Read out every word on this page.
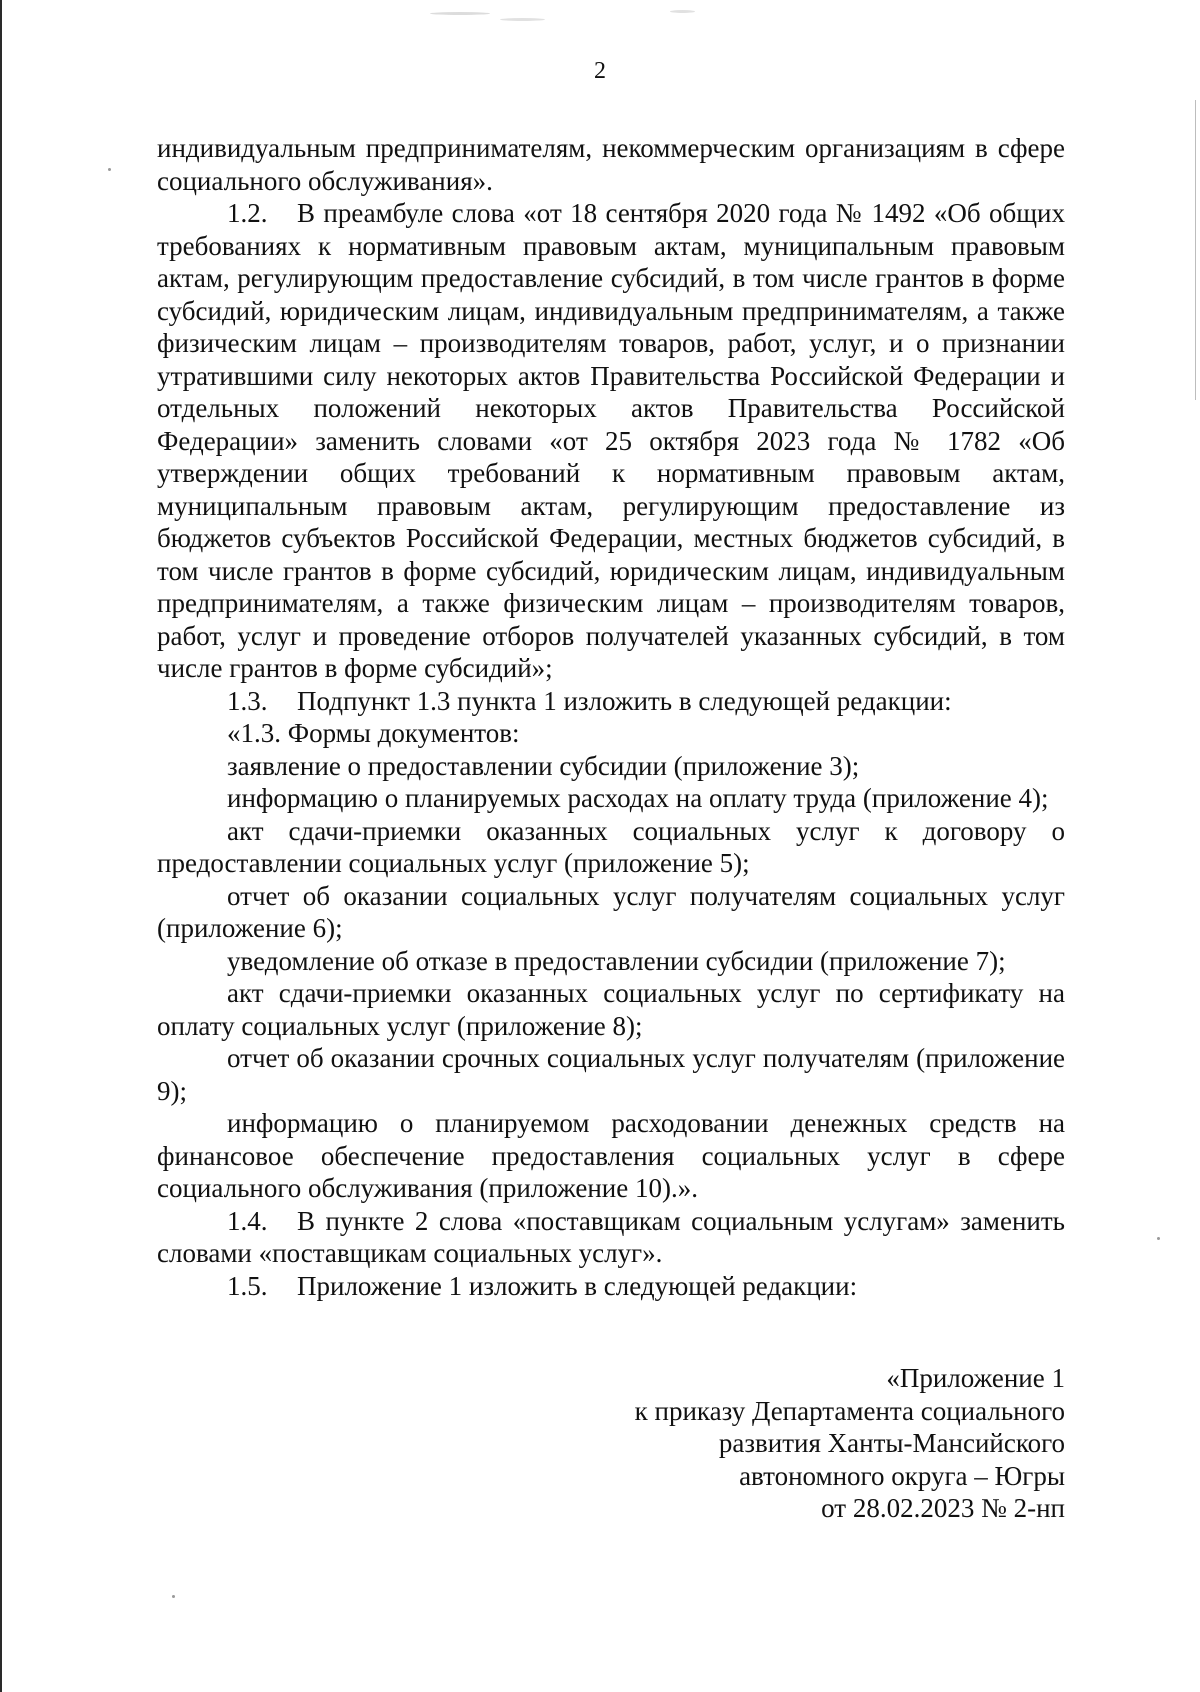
2

индивидуальным предпринимателям, некоммерческим организациям в сфере социального обслуживания».

1.2. В преамбуле слова «от 18 сентября 2020 года № 1492 «Об общих требованиях к нормативным правовым актам, муниципальным правовым актам, регулирующим предоставление субсидий, в том числе грантов в форме субсидий, юридическим лицам, индивидуальным предпринимателям, а также физическим лицам – производителям товаров, работ, услуг, и о признании утратившими силу некоторых актов Правительства Российской Федерации и отдельных положений некоторых актов Правительства Российской Федерации» заменить словами «от 25 октября 2023 года № 1782 «Об утверждении общих требований к нормативным правовым актам, муниципальным правовым актам, регулирующим предоставление из бюджетов субъектов Российской Федерации, местных бюджетов субсидий, в том числе грантов в форме субсидий, юридическим лицам, индивидуальным предпринимателям, а также физическим лицам – производителям товаров, работ, услуг и проведение отборов получателей указанных субсидий, в том числе грантов в форме субсидий»;

1.3. Подпункт 1.3 пункта 1 изложить в следующей редакции:

«1.3. Формы документов:

заявление о предоставлении субсидии (приложение 3);

информацию о планируемых расходах на оплату труда (приложение 4);

акт сдачи-приемки оказанных социальных услуг к договору о предоставлении социальных услуг (приложение 5);

отчет об оказании социальных услуг получателям социальных услуг (приложение 6);

уведомление об отказе в предоставлении субсидии (приложение 7);

акт сдачи-приемки оказанных социальных услуг по сертификату на оплату социальных услуг (приложение 8);

отчет об оказании срочных социальных услуг получателям (приложение 9);

информацию о планируемом расходовании денежных средств на финансовое обеспечение предоставления социальных услуг в сфере социального обслуживания (приложение 10).».

1.4. В пункте 2 слова «поставщикам социальным услугам» заменить словами «поставщикам социальных услуг».

1.5. Приложение 1 изложить в следующей редакции:

«Приложение 1
к приказу Департамента социального
развития Ханты-Мансийского
автономного округа – Югры
от 28.02.2023 № 2-нп
